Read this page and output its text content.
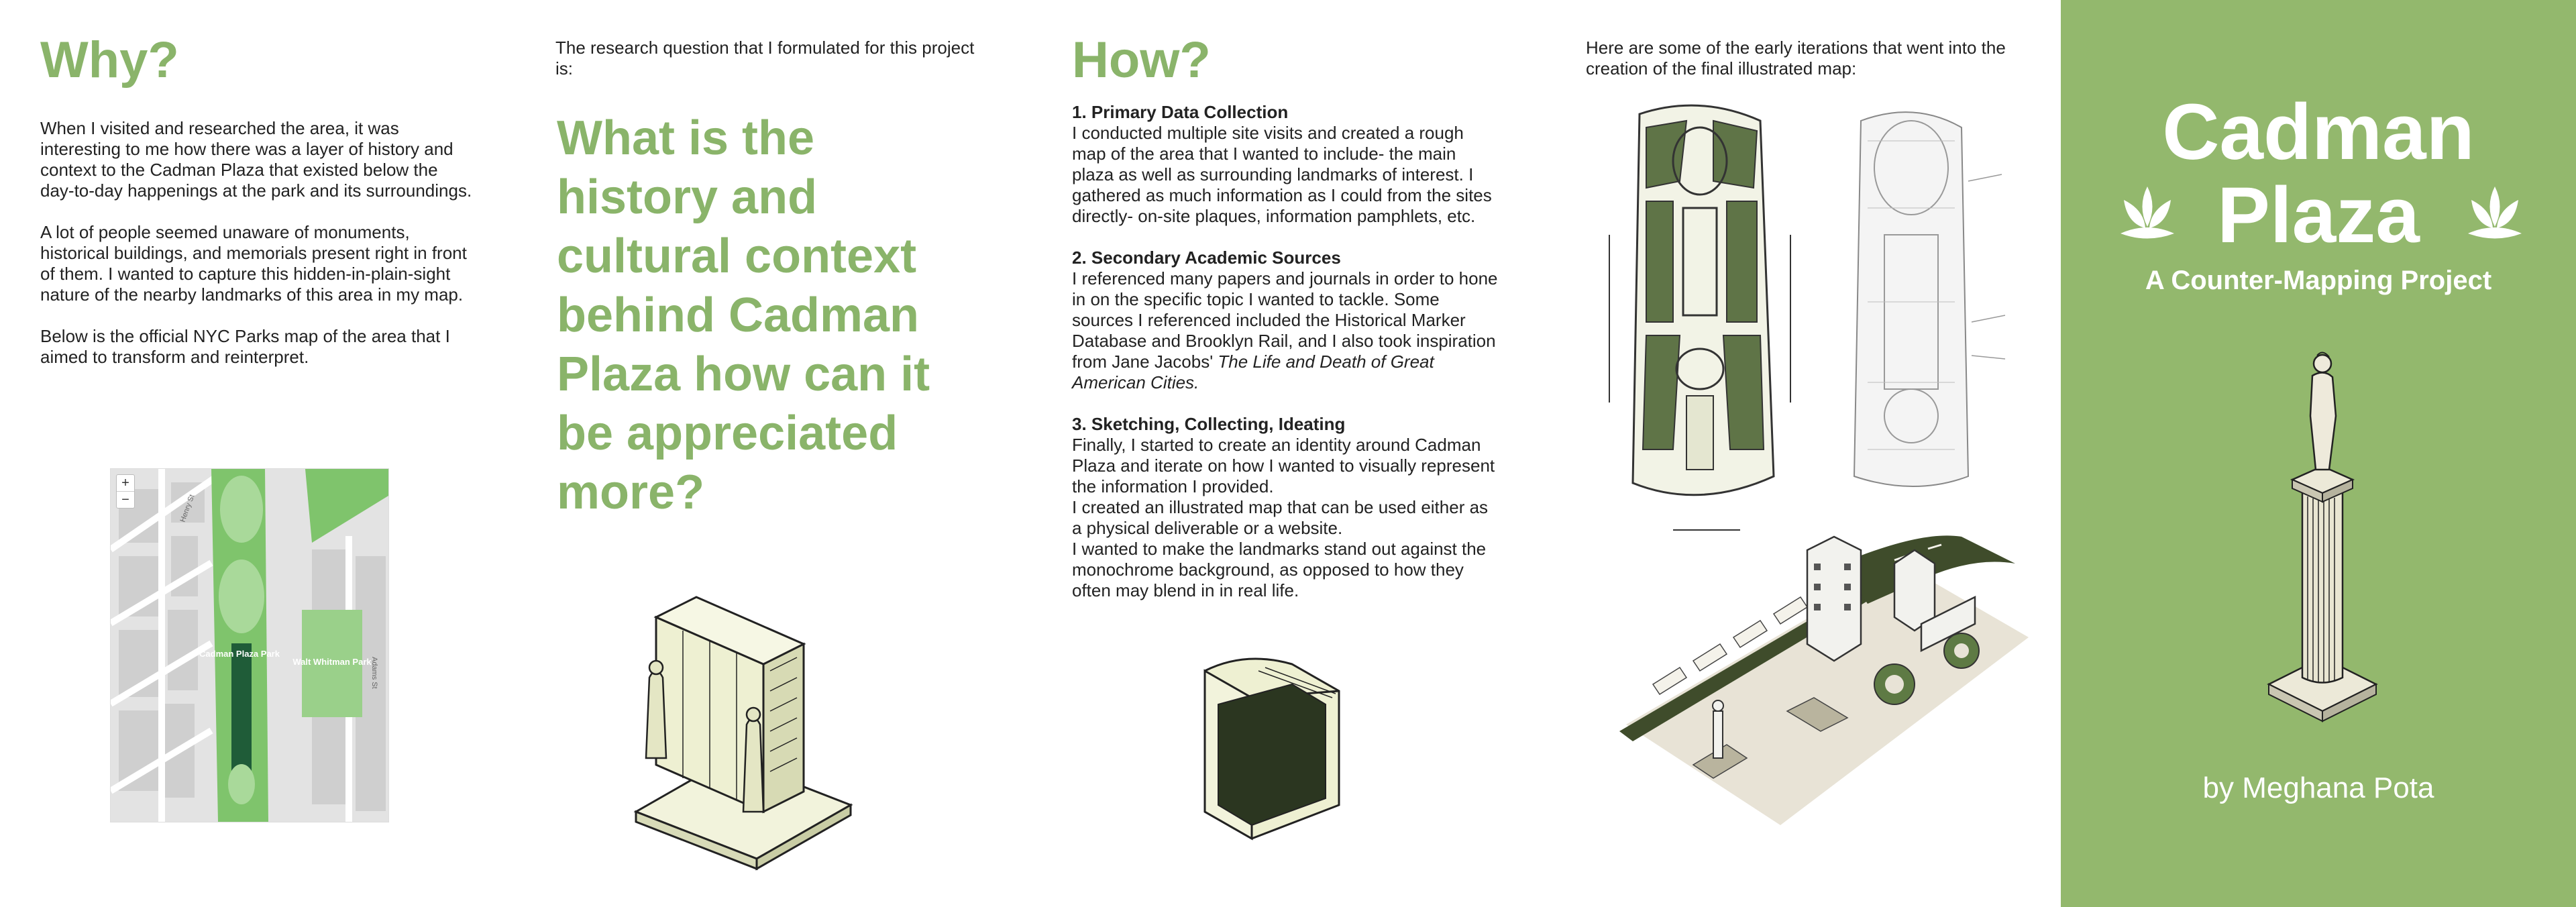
Why?

When I visited and researched the area, it was interesting to me how there was a layer of history and context to the Cadman Plaza that existed below the day-to-day happenings at the park and its surroundings.

A lot of people seemed unaware of monuments, historical buildings, and memorials present right in front of them. I wanted to capture this hidden-in-plain-sight nature of the nearby landmarks of this area in my map.

Below is the official NYC Parks map of the area that I aimed to transform and reinterpret.

Cadman Plaza Park
Walt Whitman Park
Henry St
Adams St
+
−

The research question that I formulated for this project is:

What is the history and cultural context behind Cadman Plaza how can it be appreciated more?
How?
1. Primary Data Collection
I conducted multiple site visits and created a rough map of the area that I wanted to include- the main plaza as well as surrounding landmarks of interest. I gathered as much information as I could from the sites directly- on-site plaques, information pamphlets, etc.
2. Secondary Academic Sources
I referenced many papers and journals in order to hone in on the specific topic I wanted to tackle. Some sources I referenced included the Historical Marker Database and Brooklyn Rail, and I also took inspiration from Jane Jacobs' The Life and Death of Great American Cities.
3. Sketching, Collecting, Ideating
Finally, I started to create an identity around Cadman Plaza and iterate on how I wanted to visually represent the information I provided.
I created an illustrated map that can be used either as a physical deliverable or a website.
I wanted to make the landmarks stand out against the monochrome background, as opposed to how they often may blend in in real life.

Here are some of the early iterations that went into the creation of the final illustrated map:

Cadman
Plaza
A Counter-Mapping Project
by Meghana Pota
